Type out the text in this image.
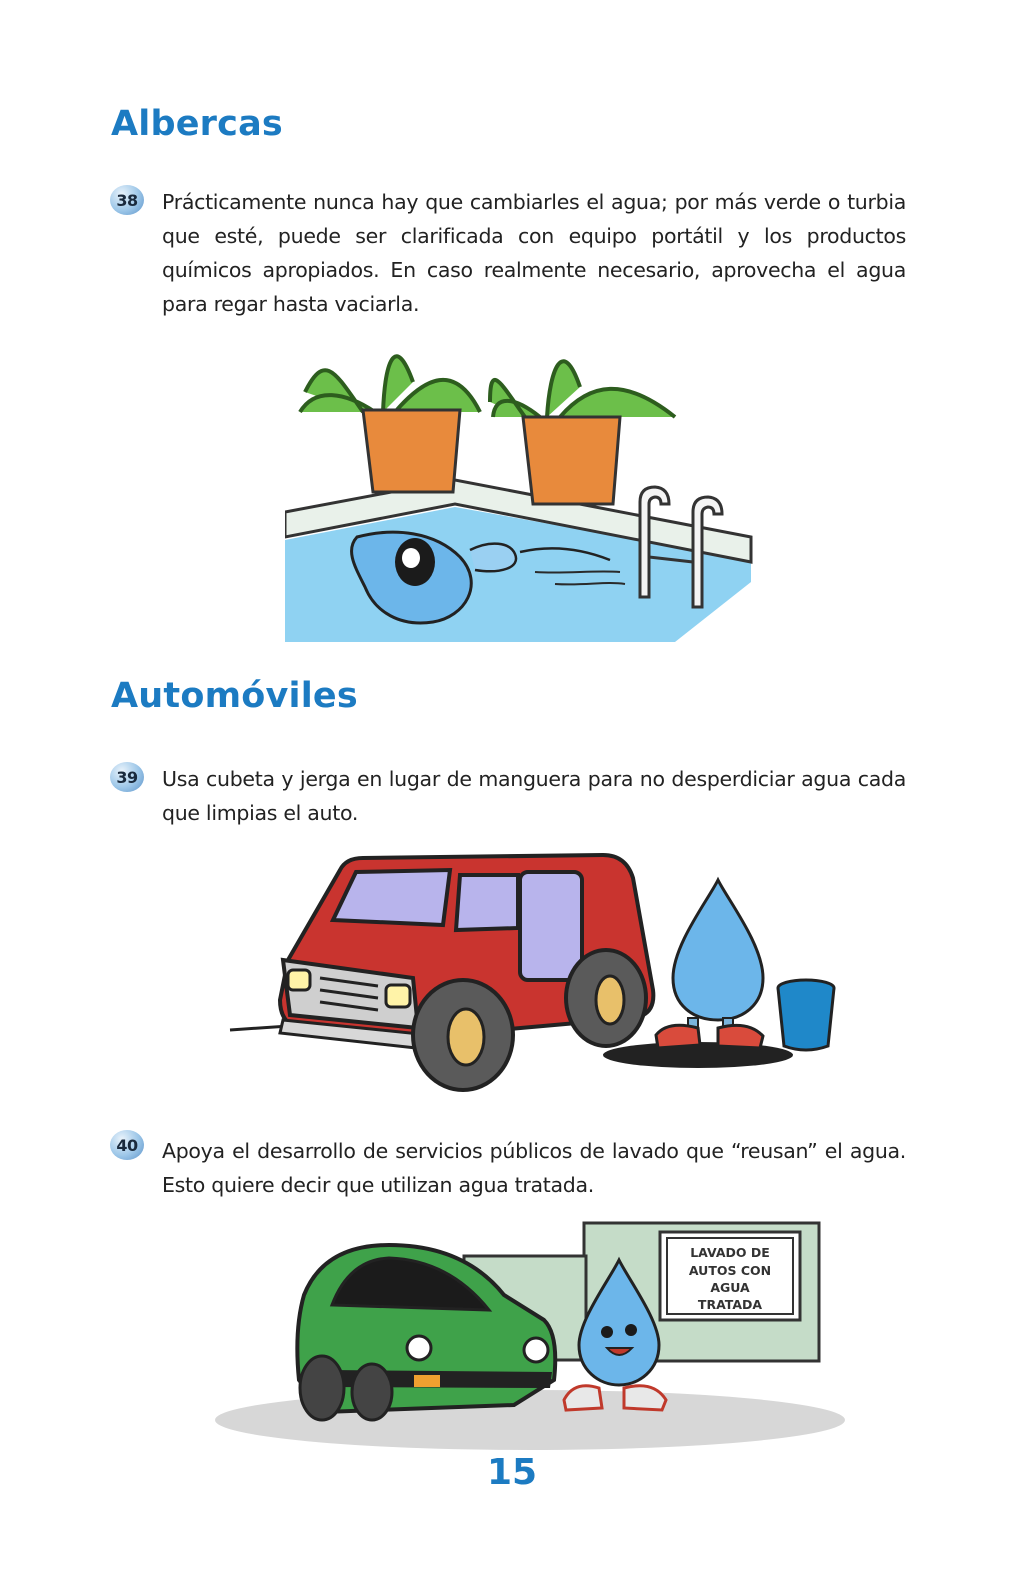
Albercas
38	Prácticamente nunca hay que cambiarles el agua; por más verde o turbia que esté, puede ser clarificada con equipo portátil y los productos químicos apropiados. En caso realmente necesario, aprovecha el agua para regar hasta vaciarla.

Automóviles
39	Usa cubeta y jerga en lugar de manguera para no desperdiciar agua cada que limpias el auto.

40	Apoya el desarrollo de servicios públicos de lavado que “reusan” el agua. Esto quiere decir que utilizan agua tratada.

LAVADO DE
AUTOS CON
AGUA
TRATADA
15
